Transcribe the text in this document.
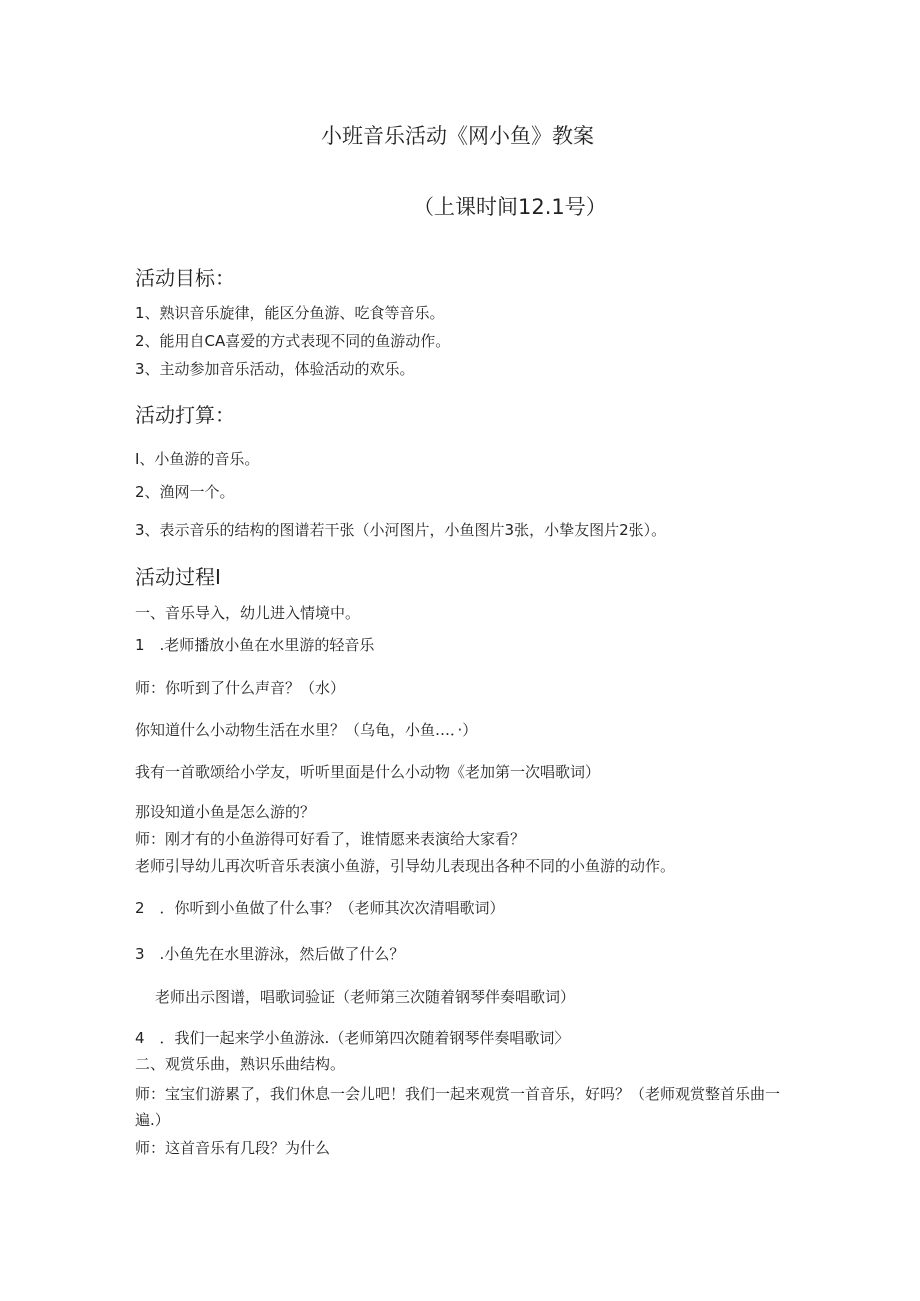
小班音乐活动《网小鱼》教案
（上课时间12.1号）
活动目标：
1、熟识音乐旋律，能区分鱼游、吃食等音乐。
2、能用自CA喜爱的方式表现不同的鱼游动作。
3、主动参加音乐活动，体验活动的欢乐。
活动打算：
I、小鱼游的音乐。
2、渔网一个。
3、表示音乐的结构的图谱若干张（小河图片，小鱼图片3张，小挚友图片2张）。
活动过程I
一、音乐导入，幼儿进入情境中。
1　.老师播放小鱼在水里游的轻音乐
师：你听到了什么声音？（水）
你知道什么小动物生活在水里？（乌龟，小鱼…．·）
我有一首歌颂给小学友，听听里面是什么小动物《老加第一次唱歌词）
那设知道小鱼是怎么游的？
师：刚才有的小鱼游得可好看了，谁情愿来表演给大家看？
老师引导幼儿再次听音乐表演小鱼游，引导幼儿表现出各种不同的小鱼游的动作。
2　．你听到小鱼做了什么事？（老师其次次清唱歌词）
3　.小鱼先在水里游泳，然后做了什么？
老师出示图谱，唱歌词验证（老师第三次随着钢琴伴奏唱歌词）
4　．我们一起来学小鱼游泳.（老师第四次随着钢琴伴奏唱歌词〉
二、观赏乐曲，熟识乐曲结构。
师：宝宝们游累了，我们休息一会儿吧！我们一起来观赏一首音乐，好吗？（老师观赏整首乐曲一遍.）
师：这首音乐有几段？为什么
